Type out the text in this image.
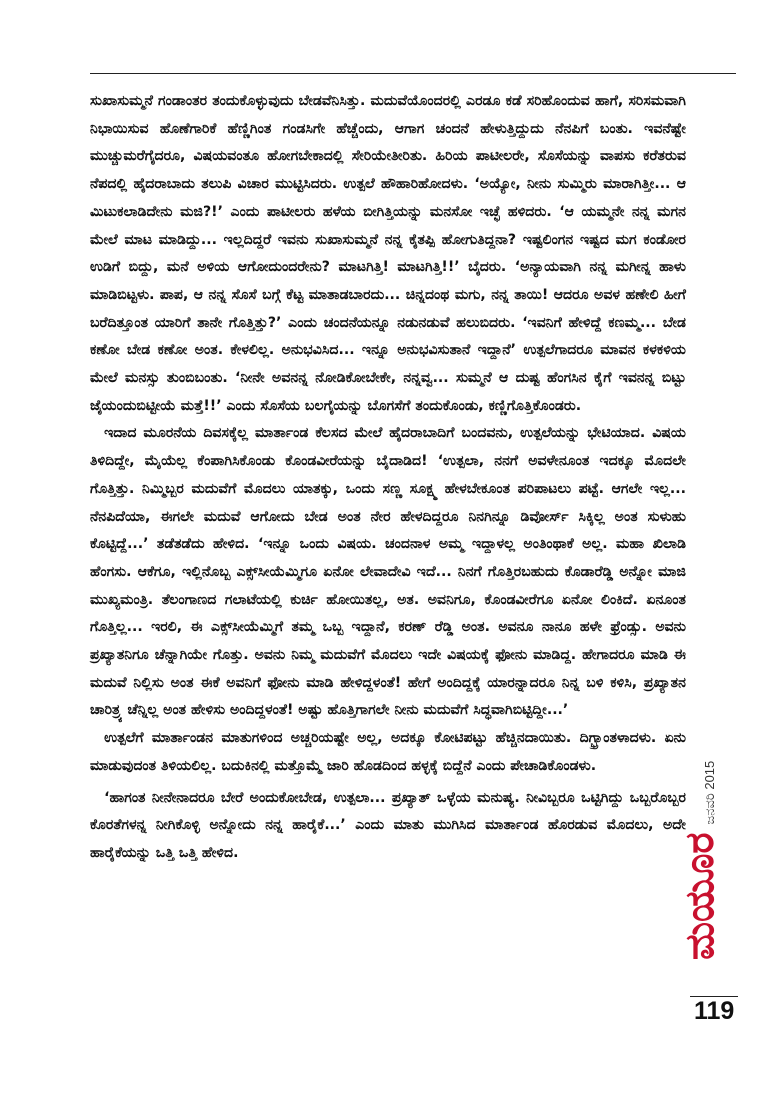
ಸುಖಾಸುಮ್ಮನೆ ಗಂಡಾಂತರ ತಂದುಕೊಳ್ಳುವುದು ಬೇಡವೆನಿಸಿತ್ತು. ಮದುವೆಯೊಂದರಲ್ಲಿ ಎರಡೂ ಕಡೆ ಸರಿಹೊಂದುವ ಹಾಗೆ, ಸರಿಸಮವಾಗಿ ನಿಭಾಯಿಸುವ ಹೊಣೆಗಾರಿಕೆ ಹೆಣ್ಣಿಗಿಂತ ಗಂಡಸಿಗೇ ಹೆಚ್ಚೆಂದು, ಆಗಾಗ ಚಂದನೆ ಹೇಳುತ್ತಿದ್ದುದು ನೆನಪಿಗೆ ಬಂತು. ಇವನೆಷ್ಟೇ ಮುಚ್ಚುಮರೆಗೈದರೂ, ವಿಷಯವಂತೂ ಹೋಗಬೇಕಾದಲ್ಲಿ ಸೇರಿಯೇತೀರಿತು. ಹಿರಿಯ ಪಾಟೀಲರೇ, ಸೊಸೆಯನ್ನು ವಾಪಸು ಕರೆತರುವ ನೆಪದಲ್ಲಿ ಹೈದರಾಬಾದು ತಲುಪಿ ವಿಚಾರ ಮುಟ್ಟಿಸಿದರು. ಉತ್ಪಲೆ ಹೌಹಾರಿಹೋದಳು. ‘ಅಯ್ಯೋ, ನೀನು ಸುಮ್ಮಿರು ಮಾರಾಗಿತ್ತೀ... ಆ ಮಿಟುಕಲಾಡಿದೇನು ಮಜಿ?!’ ಎಂದು ಪಾಟೀಲರು ಹಳೆಯ ಬೀಗಿತ್ತಿಯನ್ನು ಮನಸೋ ಇಚ್ಛೆ ಹಳಿದರು. ‘ಆ ಯಮ್ಮನೇ ನನ್ನ ಮಗನ ಮೇಲೆ ಮಾಟ ಮಾಡಿದ್ದು... ಇಲ್ಲದಿದ್ದರೆ ಇವನು ಸುಖಾಸುಮ್ಮನೆ ನನ್ನ ಕೈತಪ್ಪಿ ಹೋಗುತಿದ್ದನಾ? ಇಷ್ಟಲಿಂಗನ ಇಷ್ಟದ ಮಗ ಕಂಡೋರ ಉಡಿಗೆ ಬಿದ್ದು, ಮನೆ ಅಳಿಯ ಆಗೋದುಂದರೇನು? ಮಾಟಗಿತ್ತಿ! ಮಾಟಗಿತ್ತಿ!!’ ಬೈದರು. ‘ಅನ್ಯಾಯವಾಗಿ ನನ್ನ ಮಗೀನ್ನ ಹಾಳು ಮಾಡಿಬಿಟ್ಟಳು. ಪಾಪ, ಆ ನನ್ನ ಸೊಸೆ ಬಗ್ಗೆ ಕೆಟ್ಟ ಮಾತಾಡಬಾರದು... ಚಿನ್ನದಂಥ ಮಗು, ನನ್ನ ತಾಯಿ! ಆದರೂ ಅವಳ ಹಣೇಲಿ ಹೀಗೆ ಬರೆದಿತ್ತೂಂತ ಯಾರಿಗೆ ತಾನೇ ಗೊತ್ತಿತ್ತು?’ ಎಂದು ಚಂದನೆಯನ್ನೂ ನಡುನಡುವೆ ಹಲುಬಿದರು. ‘ಇವನಿಗೆ ಹೇಳಿದ್ದೆ ಕಣಮ್ಮ... ಬೇಡ ಕಣೋ ಬೇಡ ಕಣೋ ಅಂತ. ಕೇಳಲಿಲ್ಲ. ಅನುಭವಿಸಿದ... ಇನ್ನೂ ಅನುಭವಿಸುತಾನೆ ಇದ್ದಾನೆ’ ಉತ್ಪಲೆಗಾದರೂ ಮಾವನ ಕಳಕಳಿಯ ಮೇಲೆ ಮನಸ್ಸು ತುಂಬಿಬಂತು. ‘ನೀನೇ ಅವನನ್ನ ನೋಡಿಕೋಬೇಕೇ, ನನ್ನವ್ವ... ಸುಮ್ಮನೆ ಆ ದುಷ್ಟ ಹೆಂಗಸಿನ ಕೈಗೆ ಇವನನ್ನ ಬಿಟ್ಟು ಜೈಯಂದುಬಿಟ್ಟೀಯೆ ಮತ್ತೆ!!’ ಎಂದು ಸೊಸೆಯ ಬಲಗೈಯನ್ನು ಬೊಗಸೆಗೆ ತಂದುಕೊಂಡು, ಕಣ್ಣಿಗೊತ್ತಿಕೊಂಡರು.

ಇದಾದ ಮೂರನೆಯ ದಿವಸಕ್ಕೆಲ್ಲ ಮಾರ್ತಾಂಡ ಕೆಲಸದ ಮೇಲೆ ಹೈದರಾಬಾದಿಗೆ ಬಂದವನು, ಉತ್ಪಲೆಯನ್ನು ಭೇಟಿಯಾದ. ವಿಷಯ ತಿಳಿದಿದ್ದೇ, ಮೈಯೆಲ್ಲ ಕೆಂಪಾಗಿಸಿಕೊಂಡು ಕೊಂಡವೀರೆಯನ್ನು ಬೈದಾಡಿದ! ‘ಉತ್ಪಲಾ, ನನಗೆ ಅವಳೇನೂಂತ ಇದಕ್ಕೂ ಮೊದಲೇ ಗೊತ್ತಿತ್ತು. ನಿಮ್ಮಿಬ್ಬರ ಮದುವೆಗೆ ಮೊದಲು ಯಾತಕ್ಕು, ಒಂದು ಸಣ್ಣ ಸೂಕ್ಷ್ಮ ಹೇಳಬೇಕೂಂತ ಪರಿಪಾಟಲು ಪಟ್ಟೆ. ಆಗಲೇ ಇಲ್ಲ... ನೆನಪಿದೆಯಾ, ಈಗಲೇ ಮದುವೆ ಆಗೋದು ಬೇಡ ಅಂತ ನೇರ ಹೇಳದಿದ್ದರೂ ನಿನಗಿನ್ನೂ ಡಿವೋರ್ಸ್ ಸಿಕ್ಕಿಲ್ಲ ಅಂತ ಸುಳುಹು ಕೊಟ್ಟಿದ್ದೆ...’ ತಡೆತಡೆದು ಹೇಳಿದ. ‘ಇನ್ನೂ ಒಂದು ವಿಷಯ. ಚಂದನಾಳ ಅಮ್ಮ ಇದ್ದಾಳಲ್ಲ ಅಂತಿಂಥಾಕೆ ಅಲ್ಲ. ಮಹಾ ಖಿಲಾಡಿ ಹೆಂಗಸು. ಆಕೆಗೂ, ಇಲ್ಲಿನೊಬ್ಬ ಎಕ್ಸ್‌ಸೀಯೆಮ್ಮಿಗೂ ಏನೋ ಲೇವಾದೇವಿ ಇದೆ... ನಿನಗೆ ಗೊತ್ತಿರಬಹುದು ಕೊಡಾರೆಡ್ಡಿ ಅನ್ನೋ ಮಾಜಿ ಮುಖ್ಯಮಂತ್ರಿ. ತೆಲಂಗಾಣದ ಗಲಾಟೆಯಲ್ಲಿ ಕುರ್ಚಿ ಹೋಯಿತಲ್ಲ, ಅತ. ಅವನಿಗೂ, ಕೊಂಡವೀರೆಗೂ ಏನೋ ಲಿಂಕಿದೆ. ಏನೂಂತ ಗೊತ್ತಿಲ್ಲ... ಇರಲಿ, ಈ ಎಕ್ಸ್‌ಸೀಯೆಮ್ಮಿಗೆ ತಮ್ಮ ಒಬ್ಬ ಇದ್ದಾನೆ, ಕರಣ್ ರೆಡ್ಡಿ ಅಂತ. ಅವನೂ ನಾನೂ ಹಳೇ ಫ್ರೆಂಡ್ಸು. ಅವನು ಪ್ರಖ್ಯಾತನಿಗೂ ಚೆನ್ನಾಗಿಯೇ ಗೊತ್ತು. ಅವನು ನಿಮ್ಮ ಮದುವೆಗೆ ಮೊದಲು ಇದೇ ವಿಷಯಕ್ಕೆ ಫೋನು ಮಾಡಿದ್ದ. ಹೇಗಾದರೂ ಮಾಡಿ ಈ ಮದುವೆ ನಿಲ್ಲಿಸು ಅಂತ ಈಕೆ ಅವನಿಗೆ ಫೋನು ಮಾಡಿ ಹೇಳಿದ್ದಳಂತೆ! ಹೇಗೆ ಅಂದಿದ್ದಕ್ಕೆ ಯಾರನ್ನಾದರೂ ನಿನ್ನ ಬಳಿ ಕಳಿಸಿ, ಪ್ರಖ್ಯಾತನ ಚಾರಿತ್ರ್ಯ ಚೆನ್ನಿಲ್ಲ ಅಂತ ಹೇಳಿಸು ಅಂದಿದ್ದಳಂತೆ! ಅಷ್ಟು ಹೊತ್ತಿಗಾಗಲೇ ನೀನು ಮದುವೆಗೆ ಸಿದ್ಧವಾಗಿಬಿಟ್ಟಿದ್ದೀ...’

ಉತ್ಪಲೆಗೆ ಮಾರ್ತಾಂಡನ ಮಾತುಗಳಿಂದ ಅಚ್ಚರಿಯಷ್ಟೇ ಅಲ್ಲ, ಅದಕ್ಕೂ ಕೋಟಿಪಟ್ಟು ಹೆಚ್ಚಿನದಾಯಿತು. ದಿಗ್ಭ್ರಾಂತಳಾದಳು. ಏನು ಮಾಡುವುದಂತ ತಿಳಿಯಲಿಲ್ಲ. ಬದುಕಿನಲ್ಲಿ ಮತ್ತೊಮ್ಮೆ ಜಾರಿ ಹೊಡದಿಂದ ಹಳ್ಳಕ್ಕೆ ಬಿದ್ದೆನೆ ಎಂದು ಪೇಚಾಡಿಕೊಂಡಳು.

‘ಹಾಗಂತ ನೀನೇನಾದರೂ ಬೇರೆ ಅಂದುಕೋಬೇಡ, ಉತ್ಪಲಾ... ಪ್ರಖ್ಯಾತ್ ಒಳ್ಳೆಯ ಮನುಷ್ಯ. ನೀವಿಬ್ಬರೂ ಒಟ್ಟಿಗಿದ್ದು ಒಬ್ಬರೊಬ್ಬರ ಕೊರತೆಗಳನ್ನ ನೀಗಿಕೊಳ್ಳಿ ಅನ್ನೋದು ನನ್ನ ಹಾರೈಕೆ...’ ಎಂದು ಮಾತು ಮುಗಿಸಿದ ಮಾರ್ತಾಂಡ ಹೊರಡುವ ಮೊದಲು, ಅದೇ ಹಾರೈಕೆಯನ್ನು ಒತ್ತಿ ಒತ್ತಿ ಹೇಳಿದ.	ಮಯೂರ
ಜನವರಿ 2015
119
